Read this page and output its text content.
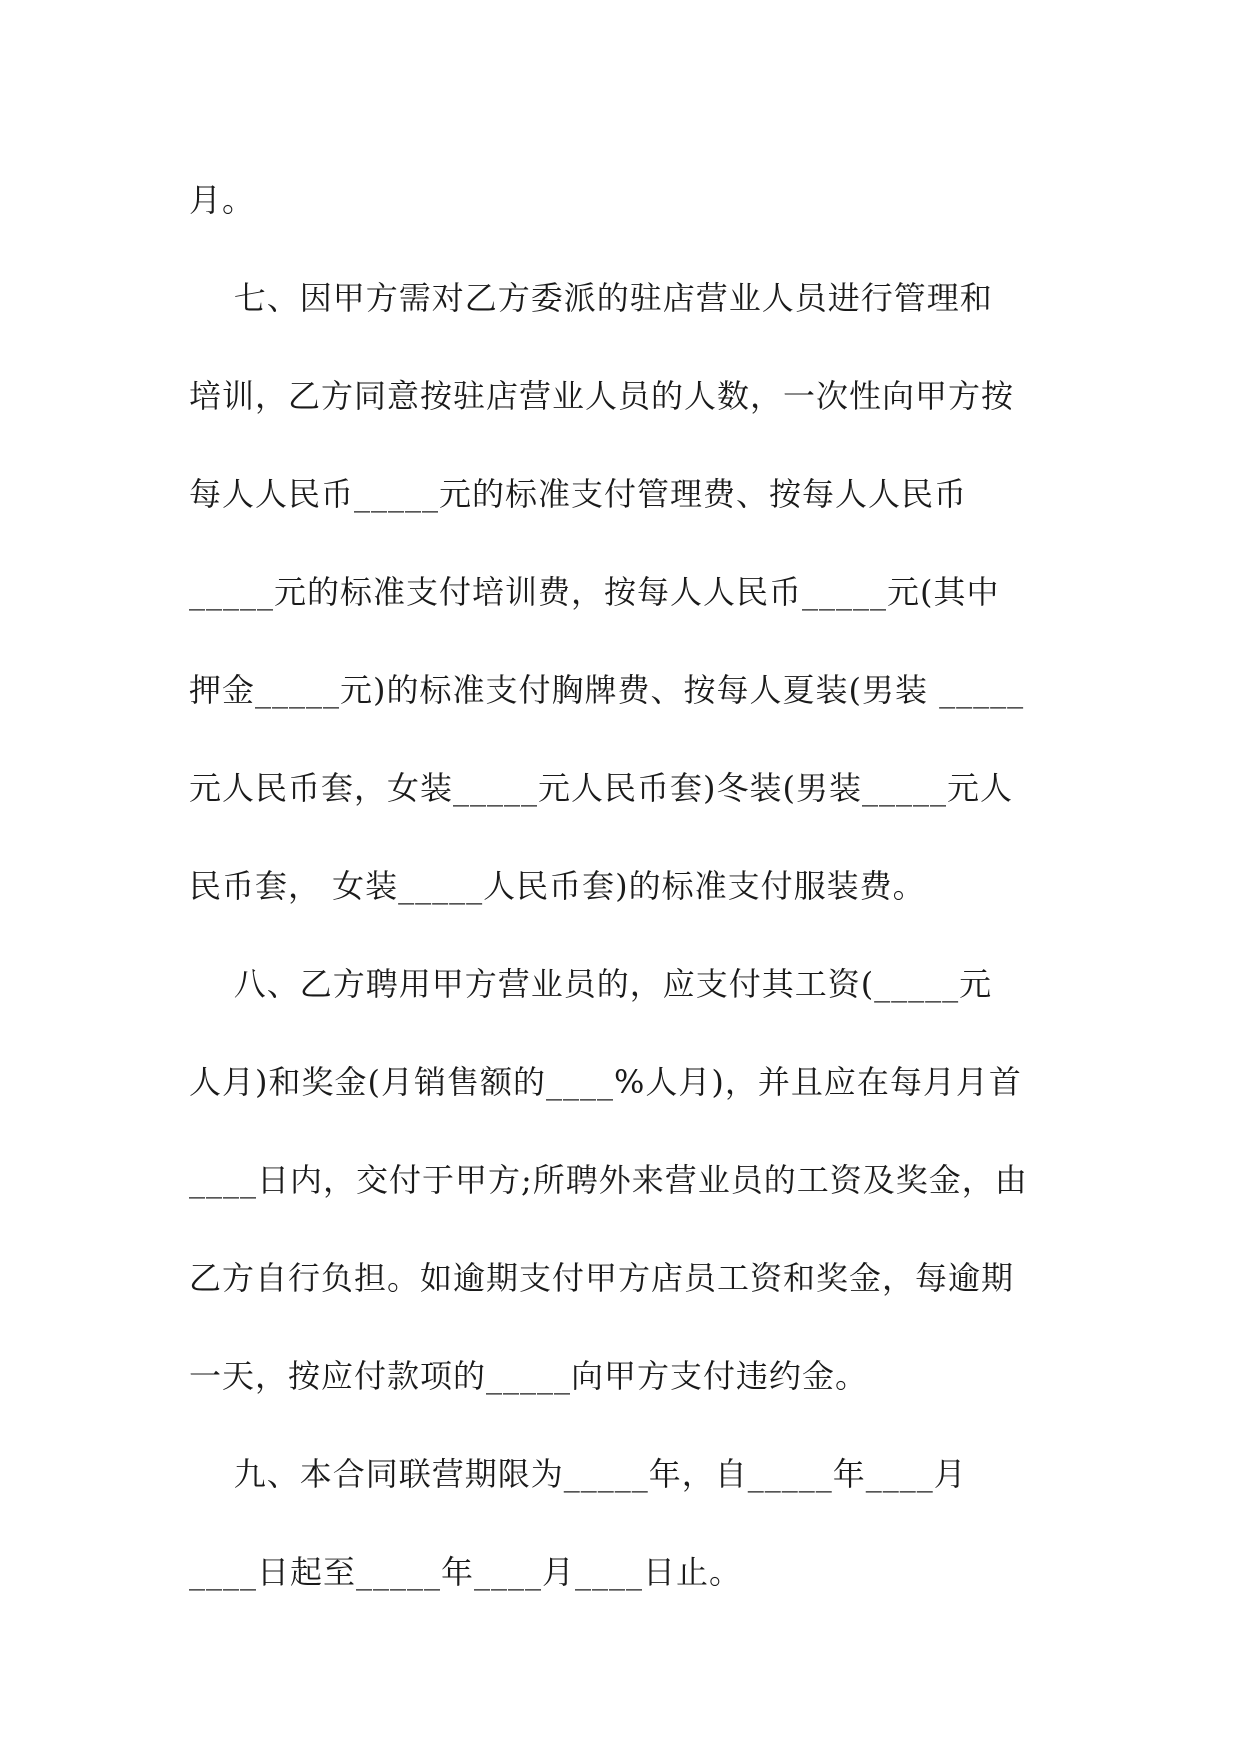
月。
七、因甲方需对乙方委派的驻店营业人员进行管理和
培训，乙方同意按驻店营业人员的人数，一次性向甲方按
每人人民币_____元的标准支付管理费、按每人人民币
_____元的标准支付培训费，按每人人民币_____元(其中
押金_____元)的标准支付胸牌费、按每人夏装(男装 _____
元人民币套，女装_____元人民币套)冬装(男装_____元人
民币套， 女装_____人民币套)的标准支付服装费。
八、乙方聘用甲方营业员的，应支付其工资(_____元
人月)和奖金(月销售额的____%人月)，并且应在每月月首
____日内，交付于甲方;所聘外来营业员的工资及奖金，由
乙方自行负担。如逾期支付甲方店员工资和奖金，每逾期
一天，按应付款项的_____向甲方支付违约金。
九、本合同联营期限为_____年，自_____年____月
____日起至_____年____月____日止。
